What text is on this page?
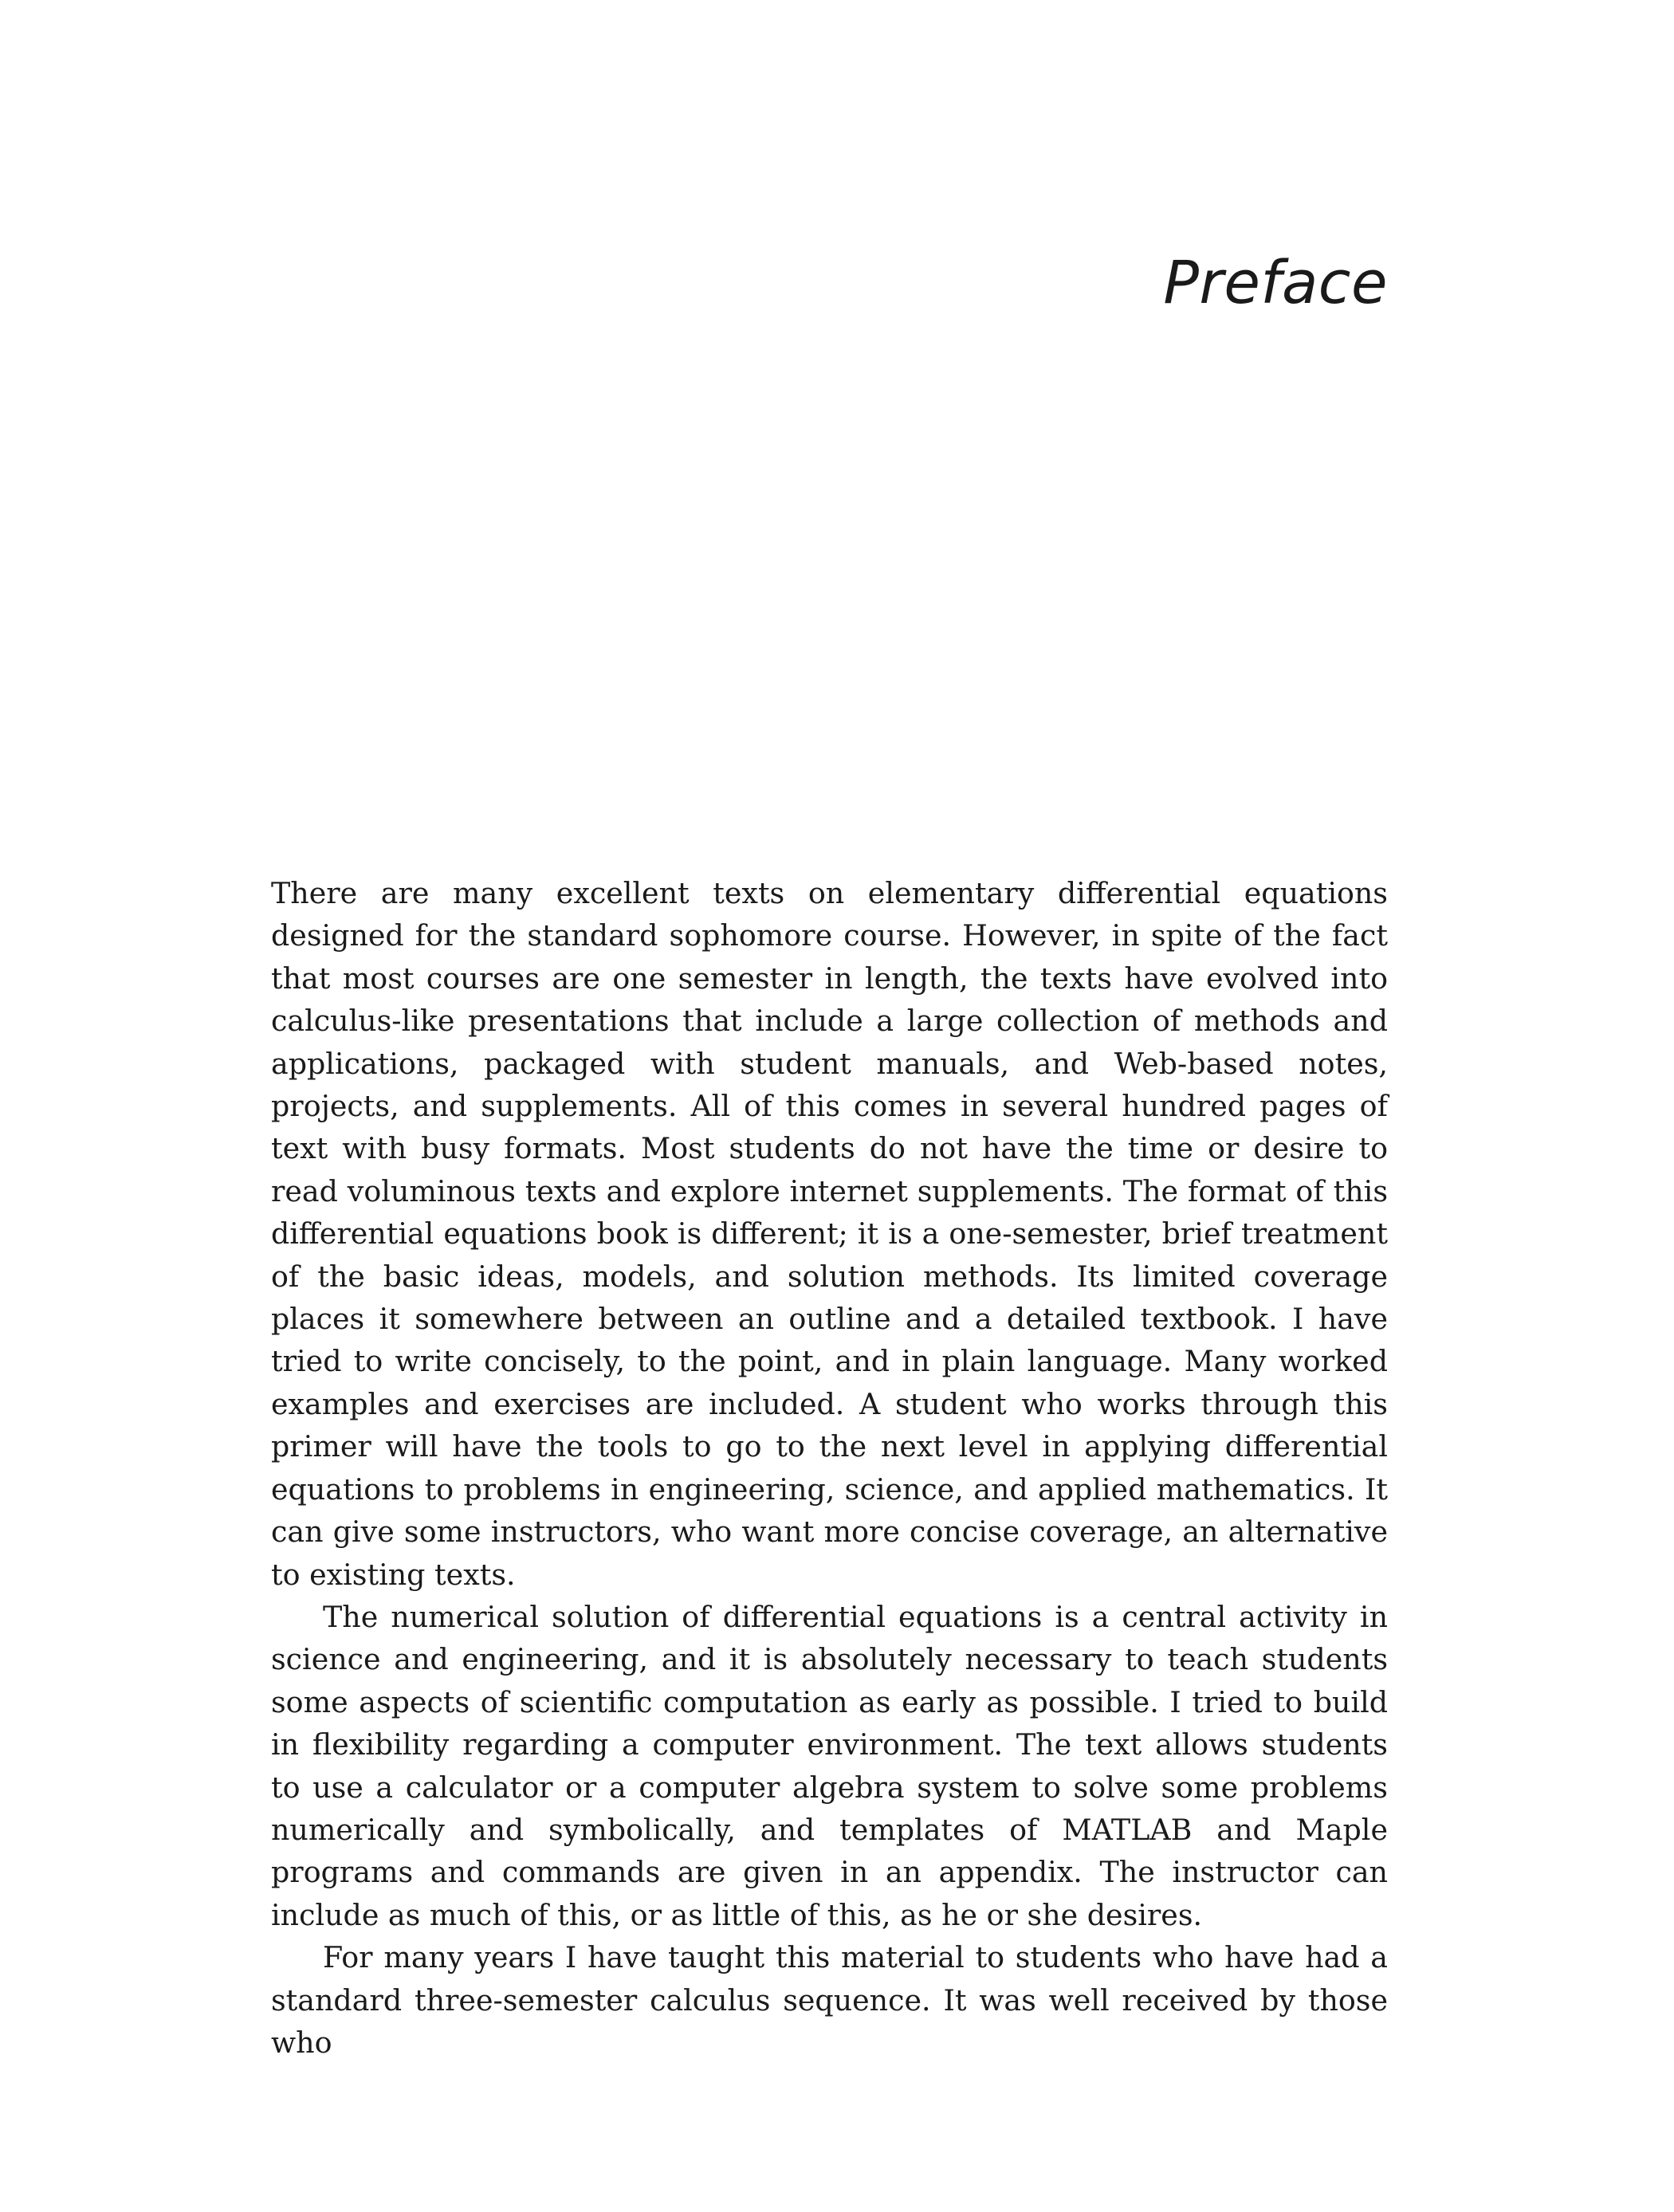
Preface

There are many excellent texts on elementary differential equations designed for the standard sophomore course. However, in spite of the fact that most courses are one semester in length, the texts have evolved into calculus-like presentations that include a large collection of methods and applications, packaged with student manuals, and Web-based notes, projects, and supplements. All of this comes in several hundred pages of text with busy formats. Most students do not have the time or desire to read voluminous texts and explore internet supplements. The format of this differential equations book is different; it is a one-semester, brief treatment of the basic ideas, models, and solution methods. Its limited coverage places it somewhere between an outline and a detailed textbook. I have tried to write concisely, to the point, and in plain language. Many worked examples and exercises are included. A student who works through this primer will have the tools to go to the next level in applying differential equations to problems in engineering, science, and applied mathematics. It can give some instructors, who want more concise coverage, an alternative to existing texts.

The numerical solution of differential equations is a central activity in science and engineering, and it is absolutely necessary to teach students some aspects of scientific computation as early as possible. I tried to build in flexibility regarding a computer environment. The text allows students to use a calculator or a computer algebra system to solve some problems numerically and symbolically, and templates of MATLAB and Maple programs and commands are given in an appendix. The instructor can include as much of this, or as little of this, as he or she desires.

For many years I have taught this material to students who have had a standard three-semester calculus sequence. It was well received by those who
